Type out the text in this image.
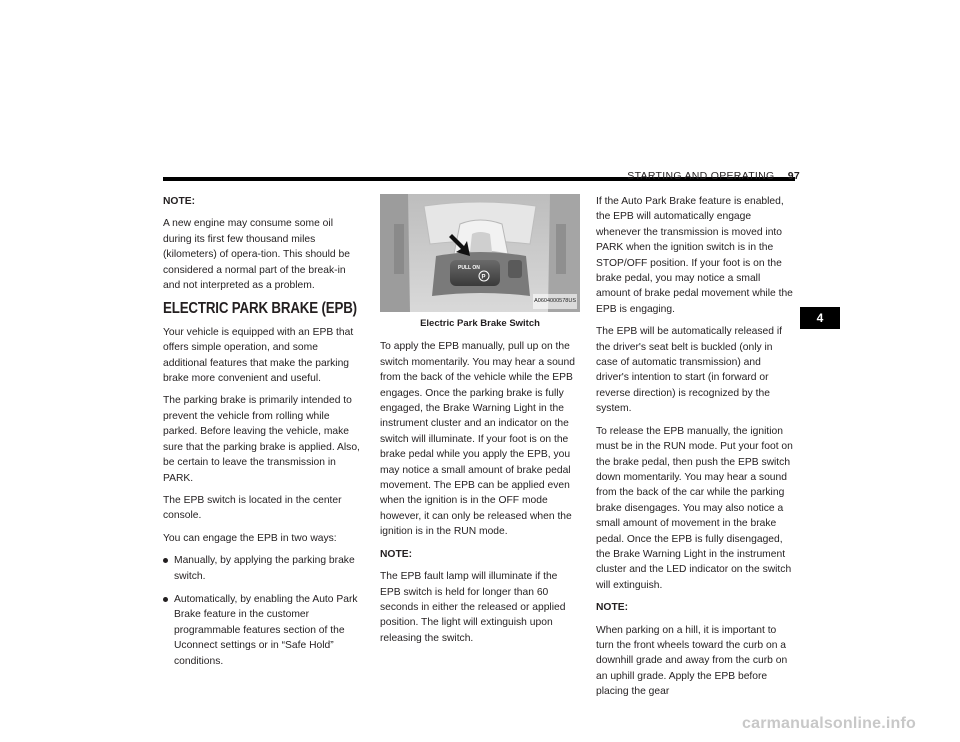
STARTING AND OPERATING 97

NOTE:

A new engine may consume some oil during its first few thousand miles (kilometers) of opera-tion. This should be considered a normal part of the break-in and not interpreted as a problem.

ELECTRIC PARK BRAKE (EPB)

Your vehicle is equipped with an EPB that offers simple operation, and some additional features that make the parking brake more convenient and useful.

The parking brake is primarily intended to prevent the vehicle from rolling while parked. Before leaving the vehicle, make sure that the parking brake is applied. Also, be certain to leave the transmission in PARK.

The EPB switch is located in the center console.

You can engage the EPB in two ways:

Manually, by applying the parking brake switch.
Automatically, by enabling the Auto Park Brake feature in the customer programmable features section of the Uconnect settings or in “Safe Hold” conditions.
PULL ON
P
A0604000578US
Electric Park Brake Switch

To apply the EPB manually, pull up on the switch momentarily. You may hear a sound from the back of the vehicle while the EPB engages. Once the parking brake is fully engaged, the Brake Warning Light in the instrument cluster and an indicator on the switch will illuminate. If your foot is on the brake pedal while you apply the EPB, you may notice a small amount of brake pedal movement. The EPB can be applied even when the ignition is in the OFF mode however, it can only be released when the ignition is in the RUN mode.

NOTE:

The EPB fault lamp will illuminate if the EPB switch is held for longer than 60 seconds in either the released or applied position. The light will extinguish upon releasing the switch.

If the Auto Park Brake feature is enabled, the EPB will automatically engage whenever the transmission is moved into PARK when the ignition switch is in the STOP/OFF position. If your foot is on the brake pedal, you may notice a small amount of brake pedal movement while the EPB is engaging.

The EPB will be automatically released if the driver's seat belt is buckled (only in case of automatic transmission) and driver's intention to start (in forward or reverse direction) is recognized by the system.

To release the EPB manually, the ignition must be in the RUN mode. Put your foot on the brake pedal, then push the EPB switch down momentarily. You may hear a sound from the back of the car while the parking brake disengages. You may also notice a small amount of movement in the brake pedal. Once the EPB is fully disengaged, the Brake Warning Light in the instrument cluster and the LED indicator on the switch will extinguish.

NOTE:

When parking on a hill, it is important to turn the front wheels toward the curb on a downhill grade and away from the curb on an uphill grade. Apply the EPB before placing the gear

4
carmanualsonline.info
